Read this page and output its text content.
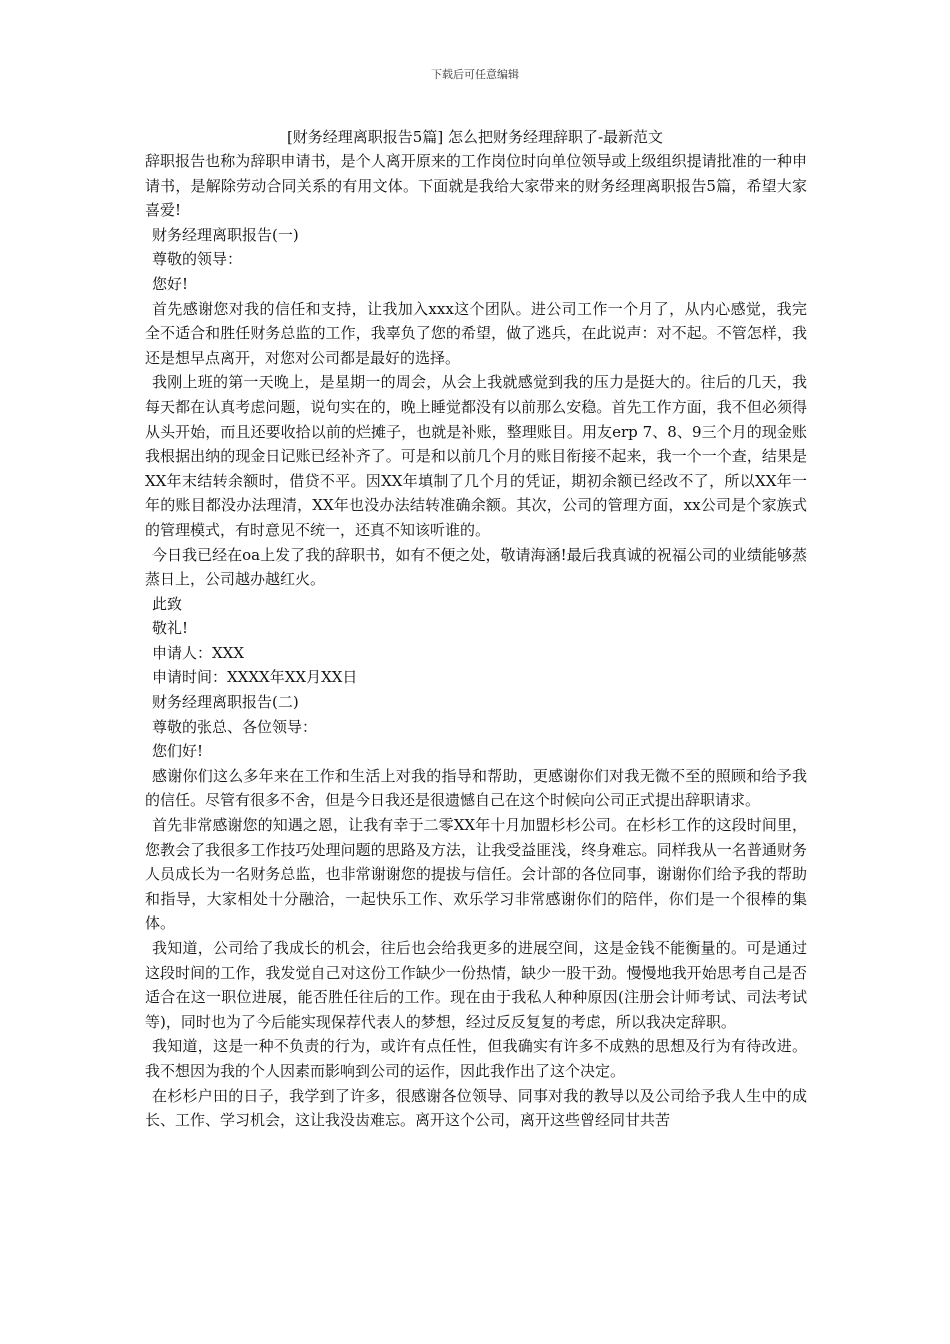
下载后可任意编辑
[财务经理离职报告5篇] 怎么把财务经理辞职了-最新范文

辞职报告也称为辞职申请书，是个人离开原来的工作岗位时向单位领导或上级组织提请批准的一种申请书，是解除劳动合同关系的有用文体。下面就是我给大家带来的财务经理离职报告5篇，希望大家喜爱!

财务经理离职报告(一)

尊敬的领导：

您好!

首先感谢您对我的信任和支持，让我加入xxx这个团队。进公司工作一个月了，从内心感觉，我完全不适合和胜任财务总监的工作，我辜负了您的希望，做了逃兵，在此说声：对不起。不管怎样，我还是想早点离开，对您对公司都是最好的选择。

我刚上班的第一天晚上，是星期一的周会，从会上我就感觉到我的压力是挺大的。往后的几天，我每天都在认真考虑问题，说句实在的，晚上睡觉都没有以前那么安稳。首先工作方面，我不但必须得从头开始，而且还要收拾以前的烂摊子，也就是补账，整理账目。用友erp 7、8、9三个月的现金账我根据出纳的现金日记账已经补齐了。可是和以前几个月的账目衔接不起来，我一个一个查，结果是XX年末结转余额时，借贷不平。因XX年填制了几个月的凭证，期初余额已经改不了，所以XX年一年的账目都没办法理清，XX年也没办法结转准确余额。其次，公司的管理方面，xx公司是个家族式的管理模式，有时意见不统一，还真不知该听谁的。

今日我已经在oa上发了我的辞职书，如有不便之处，敬请海涵!最后我真诚的祝福公司的业绩能够蒸蒸日上，公司越办越红火。

此致

敬礼!

申请人：XXX

申请时间：XXXX年XX月XX日

财务经理离职报告(二)

尊敬的张总、各位领导：

您们好!

感谢你们这么多年来在工作和生活上对我的指导和帮助，更感谢你们对我无微不至的照顾和给予我的信任。尽管有很多不舍，但是今日我还是很遗憾自己在这个时候向公司正式提出辞职请求。

首先非常感谢您的知遇之恩，让我有幸于二零XX年十月加盟杉杉公司。在杉杉工作的这段时间里，您教会了我很多工作技巧处理问题的思路及方法，让我受益匪浅，终身难忘。同样我从一名普通财务人员成长为一名财务总监，也非常谢谢您的提拔与信任。会计部的各位同事，谢谢你们给予我的帮助和指导，大家相处十分融洽，一起快乐工作、欢乐学习非常感谢你们的陪伴，你们是一个很棒的集体。

我知道，公司给了我成长的机会，往后也会给我更多的进展空间，这是金钱不能衡量的。可是通过这段时间的工作，我发觉自己对这份工作缺少一份热情，缺少一股干劲。慢慢地我开始思考自己是否适合在这一职位进展，能否胜任往后的工作。现在由于我私人种种原因(注册会计师考试、司法考试等)，同时也为了今后能实现保荐代表人的梦想，经过反反复复的考虑，所以我决定辞职。

我知道，这是一种不负责的行为，或许有点任性，但我确实有许多不成熟的思想及行为有待改进。我不想因为我的个人因素而影响到公司的运作，因此我作出了这个决定。

在杉杉户田的日子，我学到了许多，很感谢各位领导、同事对我的教导以及公司给予我人生中的成长、工作、学习机会，这让我没齿难忘。离开这个公司，离开这些曾经同甘共苦
